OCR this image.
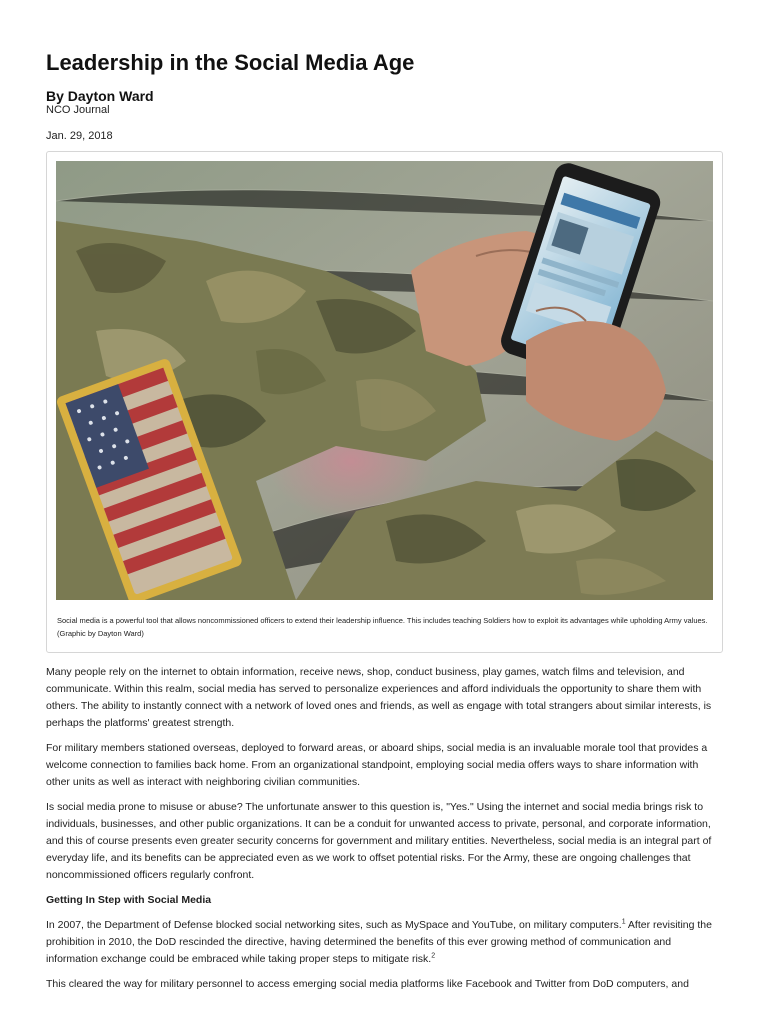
Leadership in the Social Media Age
By Dayton Ward
NCO Journal
Jan. 29, 2018
Social media is a powerful tool that allows noncommissioned officers to extend their leadership influence. This includes teaching Soldiers how to exploit its advantages while upholding Army values.
(Graphic by Dayton Ward)

Many people rely on the internet to obtain information, receive news, shop, conduct business, play games, watch films and television, and communicate. Within this realm, social media has served to personalize experiences and afford individuals the opportunity to share them with others. The ability to instantly connect with a network of loved ones and friends, as well as engage with total strangers about similar interests, is perhaps the platforms' greatest strength.

For military members stationed overseas, deployed to forward areas, or aboard ships, social media is an invaluable morale tool that provides a welcome connection to families back home. From an organizational standpoint, employing social media offers ways to share information with other units as well as interact with neighboring civilian communities.

Is social media prone to misuse or abuse? The unfortunate answer to this question is, "Yes." Using the internet and social media brings risk to individuals, businesses, and other public organizations. It can be a conduit for unwanted access to private, personal, and corporate information, and this of course presents even greater security concerns for government and military entities. Nevertheless, social media is an integral part of everyday life, and its benefits can be appreciated even as we work to offset potential risks. For the Army, these are ongoing challenges that noncommissioned officers regularly confront.

Getting In Step with Social Media

In 2007, the Department of Defense blocked social networking sites, such as MySpace and YouTube, on military computers.$^1$ After revisiting the prohibition in 2010, the DoD rescinded the directive, having determined the benefits of this ever growing method of communication and information exchange could be embraced while taking proper steps to mitigate risk.$^2$

This cleared the way for military personnel to access emerging social media platforms like Facebook and Twitter from DoD computers, and
